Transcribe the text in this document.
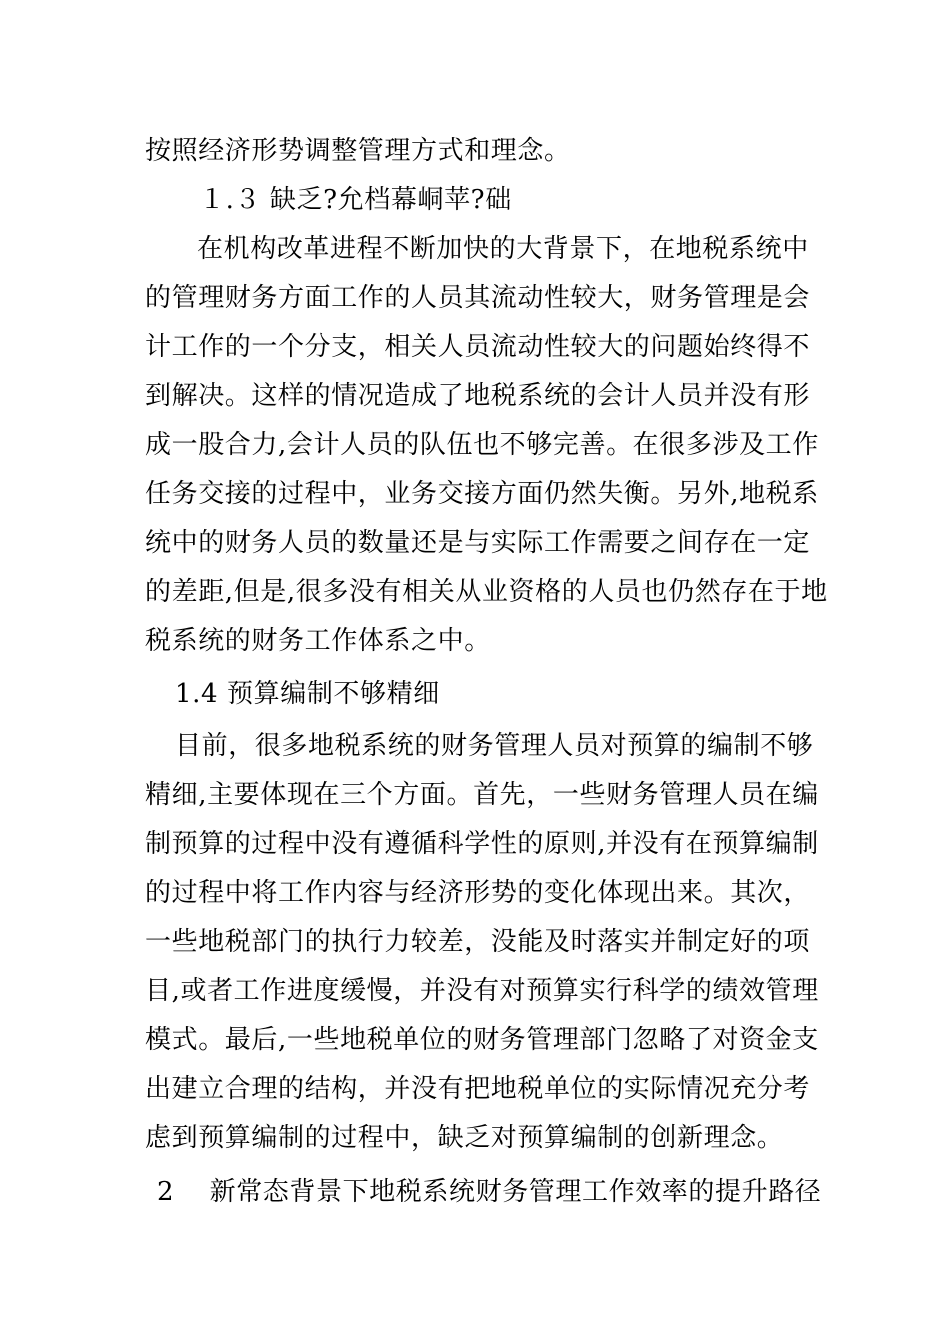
按照经济形势调整管理方式和理念。
１.３ 缺乏?允档幕峒苹?础
在机构改革进程不断加快的大背景下，在地税系统中
的管理财务方面工作的人员其流动性较大，财务管理是会
计工作的一个分支，相关人员流动性较大的问题始终得不
到解决。这样的情况造成了地税系统的会计人员并没有形
成一股合力,会计人员的队伍也不够完善。在很多涉及工作
任务交接的过程中，业务交接方面仍然失衡。另外,地税系
统中的财务人员的数量还是与实际工作需要之间存在一定
的差距,但是,很多没有相关从业资格的人员也仍然存在于地
税系统的财务工作体系之中。
1.4 预算编制不够精细
目前，很多地税系统的财务管理人员对预算的编制不够
精细,主要体现在三个方面。首先，一些财务管理人员在编
制预算的过程中没有遵循科学性的原则,并没有在预算编制
的过程中将工作内容与经济形势的变化体现出来。其次，
一些地税部门的执行力较差，没能及时落实并制定好的项
目,或者工作进度缓慢，并没有对预算实行科学的绩效管理
模式。最后,一些地税单位的财务管理部门忽略了对资金支
出建立合理的结构，并没有把地税单位的实际情况充分考
虑到预算编制的过程中，缺乏对预算编制的创新理念。
2 　新常态背景下地税系统财务管理工作效率的提升路径
